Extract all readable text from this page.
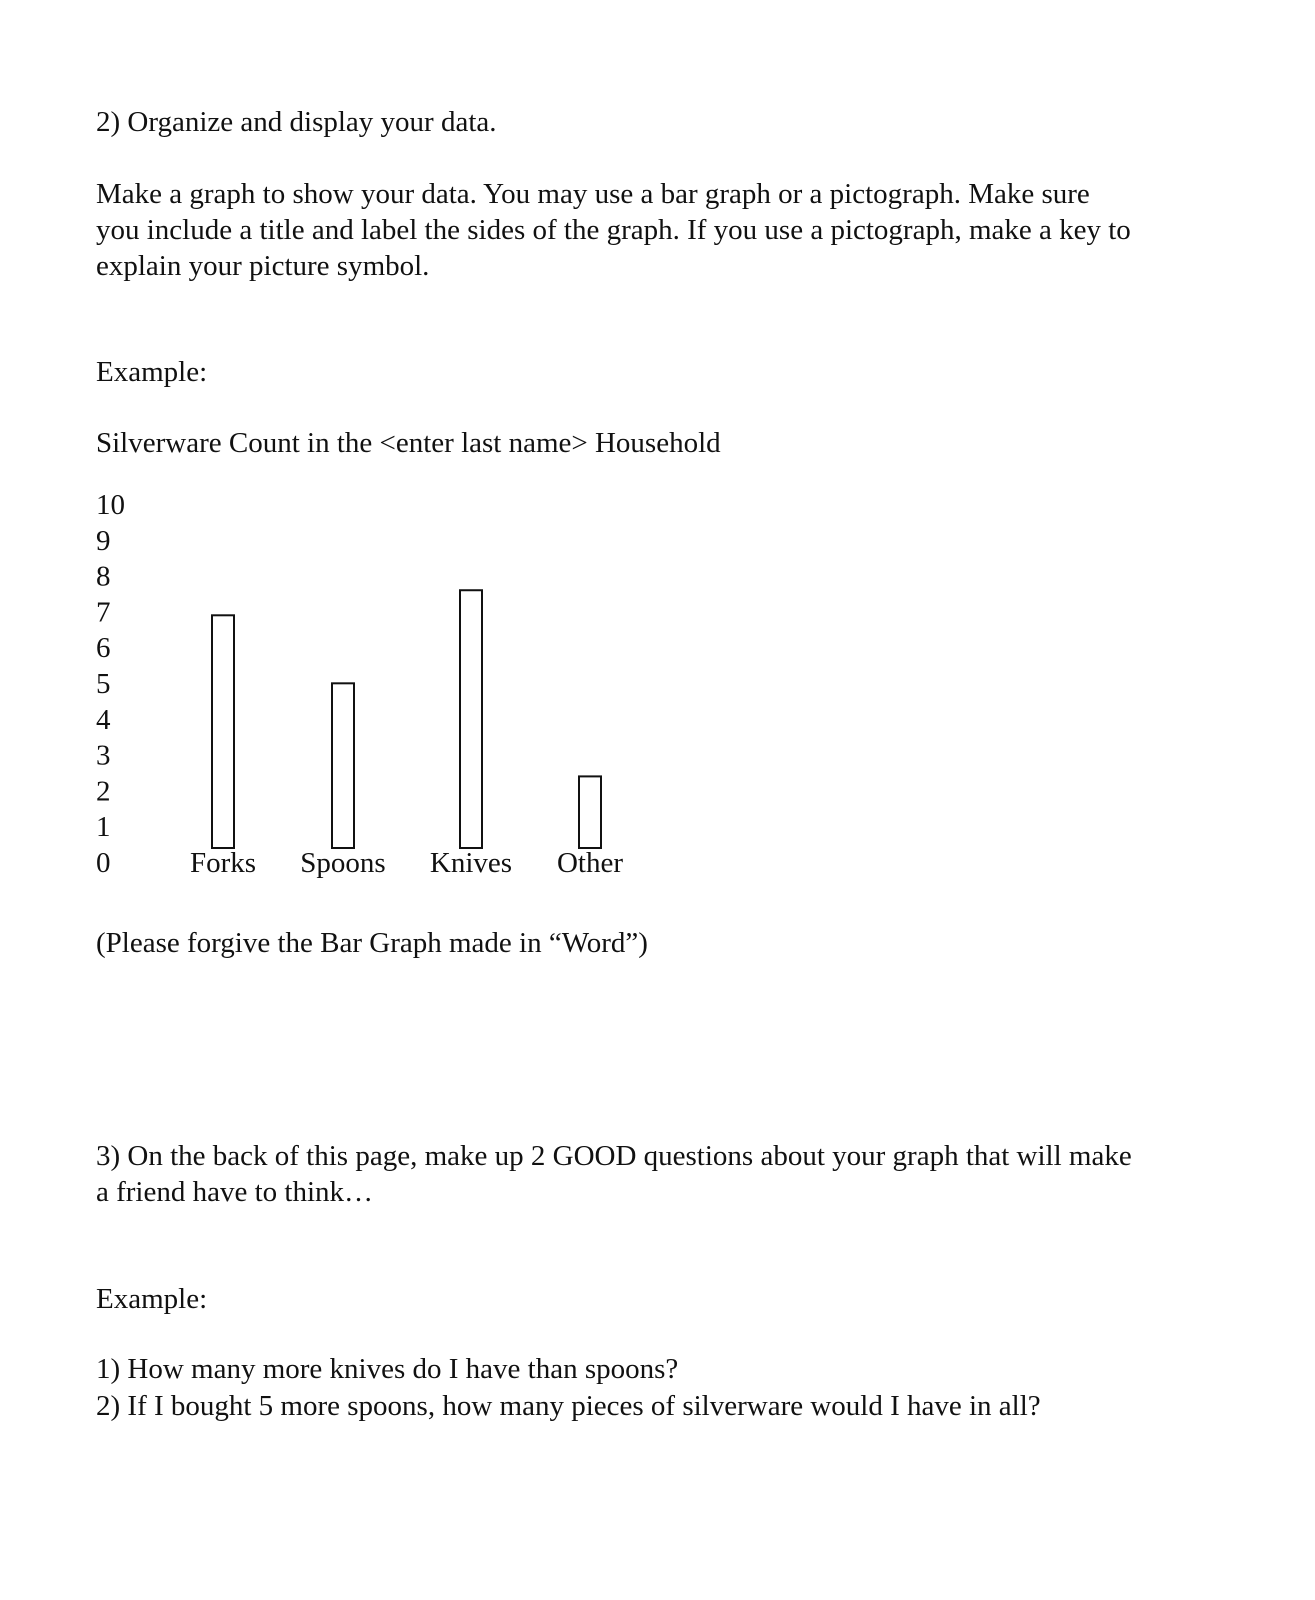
2) Organize and display your data.
Make a graph to show your data. You may use a bar graph or a pictograph. Make sure
you include a title and label the sides of the graph. If you use a pictograph, make a key to
explain your picture symbol.
Example:
Silverware Count in the <enter last name> Household
10
9
8
7
6
5
4
3
2
1
0	Forks Spoons Knives Other
(Please forgive the Bar Graph made in “Word”)
3) On the back of this page, make up 2 GOOD questions about your graph that will make
a friend have to think…
Example:
1) How many more knives do I have than spoons?
2) If I bought 5 more spoons, how many pieces of silverware would I have in all?
